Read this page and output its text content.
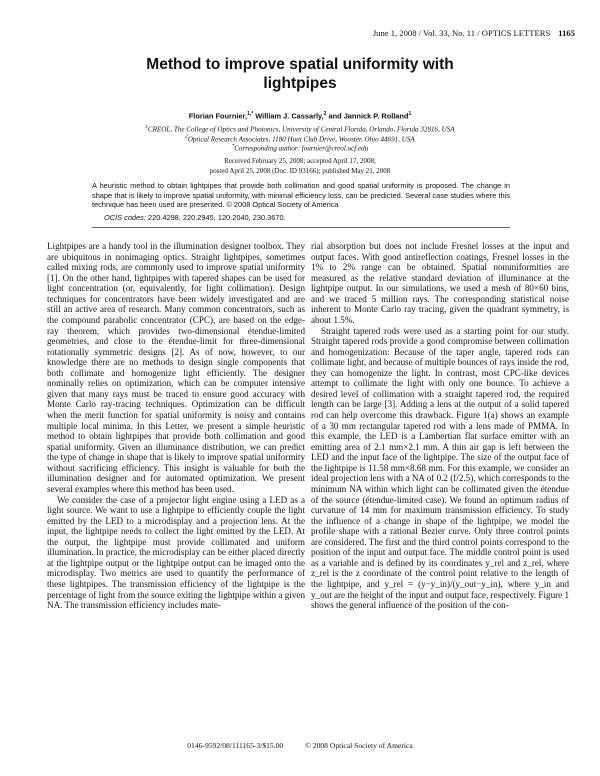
June 1, 2008 / Vol. 33, No. 11 / OPTICS LETTERS 1165
Method to improve spatial uniformity with
lightpipes
Florian Fournier,$^{1,*}$ William J. Cassarly,$^2$ and Jannick P. Rolland$^1$
$^1$CREOL, The College of Optics and Photonics, University of Central Florida, Orlando, Florida 32816, USA
$^2$Optical Research Associates, 1180 Hunt Club Drive, Wooster, Ohio 44691, USA
*Corresponding author: fournier@creol.ucf.edu
Received February 25, 2008; accepted April 17, 2008;
posted April 25, 2008 (Doc. ID 93166); published May 21, 2008
A heuristic method to obtain lightpipes that provide both collimation and good spatial uniformity is proposed. The change in shape that is likely to improve spatial uniformity, with minimal efficiency loss, can be predicted. Several case studies where this technique has been used are presented. © 2008 Optical Society of America
OCIS codes: 220.4298, 220.2945, 120.2040, 230.3670.

Lightpipes are a handy tool in the illumination designer toolbox. They are ubiquitous in nonimaging optics. Straight lightpipes, sometimes called mixing rods, are commonly used to improve spatial uniformity [1]. On the other hand, lightpipes with tapered shapes can be used for light concentration (or, equivalently, for light collimation). Design techniques for concentrators have been widely investigated and are still an active area of research. Many common concentrators, such as the compound parabolic concentrator (CPC), are based on the edge-ray theorem, which provides two-dimensional étendue-limited geometries, and close to the étendue-limit for three-dimensional rotationally symmetric designs [2]. As of now, however, to our knowledge there are no methods to design single components that both collimate and homogenize light efficiently. The designer nominally relies on optimization, which can be computer intensive given that many rays must be traced to ensure good accuracy with Monte Carlo ray-tracing techniques. Optimization can be difficult when the merit function for spatial uniformity is noisy and contains multiple local minima. In this Letter, we present a simple heuristic method to obtain lightpipes that provide both collimation and good spatial uniformity. Given an illuminance distribution, we can predict the type of change in shape that is likely to improve spatial uniformity without sacrificing efficiency. This insight is valuable for both the illumination designer and for automated optimization. We present several examples where this method has been used.

We consider the case of a projector light engine using a LED as a light source. We want to use a lightpipe to efficiently couple the light emitted by the LED to a microdisplay and a projection lens. At the input, the lightpipe needs to collect the light emitted by the LED. At the output, the lightpipe must provide collimated and uniform illumination. In practice, the microdisplay can be either placed directly at the lightpipe output or the lightpipe output can be imaged onto the microdisplay. Two metrics are used to quantify the performance of these lightpipes. The transmission efficiency of the lightpipe is the percentage of light from the source exiting the lightpipe within a given NA. The transmission efficiency includes mate-

rial absorption but does not include Fresnel losses at the input and output faces. With good antireflection coatings, Fresnel losses in the 1% to 2% range can be obtained. Spatial nonuniformities are measured as the relative standard deviation of illuminance at the lightpipe output. In our simulations, we used a mesh of 80×60 bins, and we traced 5 million rays. The corresponding statistical noise inherent to Monte Carlo ray tracing, given the quadrant symmetry, is about 1.5%.

Straight tapered rods were used as a starting point for our study. Straight tapered rods provide a good compromise between collimation and homogenization: Because of the taper angle, tapered rods can collimate light, and because of multiple bounces of rays inside the rod, they can homogenize the light. In contrast, most CPC-like devices attempt to collimate the light with only one bounce. To achieve a desired level of collimation with a straight tapered rod, the required length can be large [3]. Adding a lens at the output of a solid tapered rod can help overcome this drawback. Figure 1(a) shows an example of a 30 mm rectangular tapered rod with a lens made of PMMA. In this example, the LED is a Lambertian flat surface emitter with an emitting area of 2.1 mm×2.1 mm. A thin air gap is left between the LED and the input face of the lightpipe. The size of the output face of the lightpipe is 11.58 mm×8.68 mm. For this example, we consider an ideal projection lens with a NA of 0.2 (f/2.5), which corresponds to the minimum NA within which light can be collimated given the étendue of the source (étendue-limited case). We found an optimum radius of curvature of 14 mm for maximum transmission efficiency. To study the influence of a change in shape of the lightpipe, we model the profile shape with a rational Bezier curve. Only three control points are considered. The first and the third control points correspond to the position of the input and output face. The middle control point is used as a variable and is defined by its coordinates y_rel and z_rel, where z_rel is the z coordinate of the control point relative to the length of the lightpipe, and y_rel = (y−y_in)/(y_out−y_in), where y_in and y_out are the height of the input and output face, respectively. Figure 1 shows the general influence of the position of the con-

0146-9592/08/111165-3/$15.00	© 2008 Optical Society of America
